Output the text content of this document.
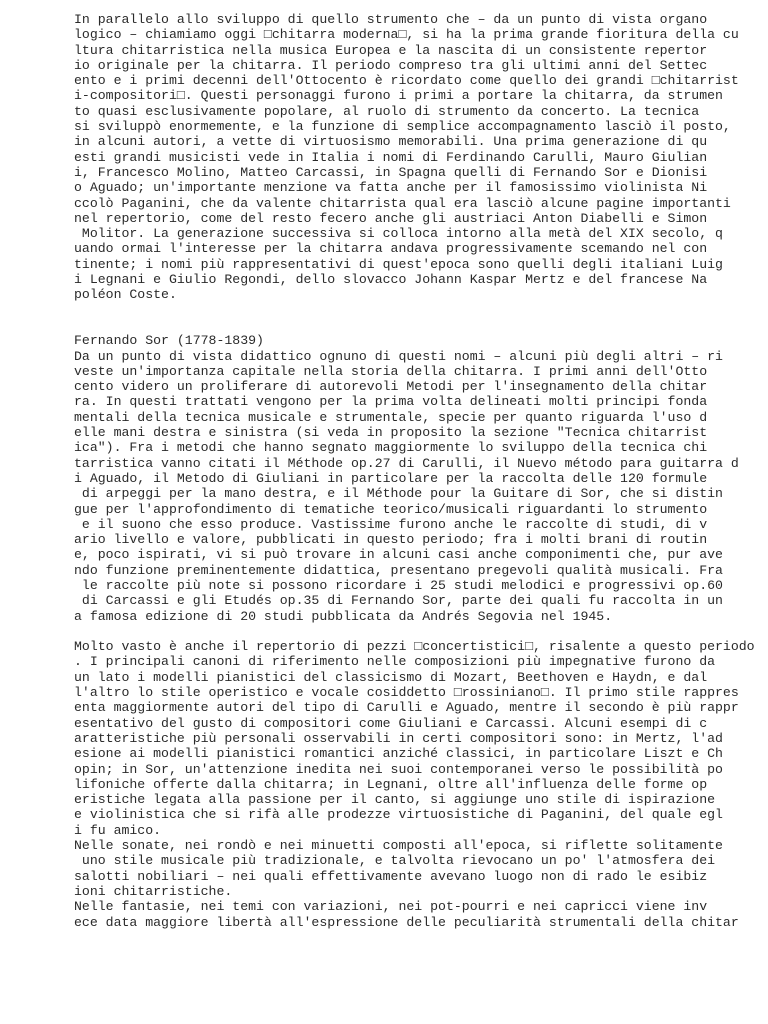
In parallelo allo sviluppo di quello strumento che – da un punto di vista organo
logico – chiamiamo oggi □chitarra moderna□, si ha la prima grande fioritura della cu
ltura chitarristica nella musica Europea e la nascita di un consistente repertor
io originale per la chitarra. Il periodo compreso tra gli ultimi anni del Settec
ento e i primi decenni dell'Ottocento è ricordato come quello dei grandi □chitarrist
i-compositori□. Questi personaggi furono i primi a portare la chitarra, da strumen
to quasi esclusivamente popolare, al ruolo di strumento da concerto. La tecnica
si sviluppò enormemente, e la funzione di semplice accompagnamento lasciò il posto,
in alcuni autori, a vette di virtuosismo memorabili. Una prima generazione di qu
esti grandi musicisti vede in Italia i nomi di Ferdinando Carulli, Mauro Giulian
i, Francesco Molino, Matteo Carcassi, in Spagna quelli di Fernando Sor e Dionisi
o Aguado; un'importante menzione va fatta anche per il famosissimo violinista Ni
ccolò Paganini, che da valente chitarrista qual era lasciò alcune pagine importanti
nel repertorio, come del resto fecero anche gli austriaci Anton Diabelli e Simon
Molitor. La generazione successiva si colloca intorno alla metà del XIX secolo, q
uando ormai l'interesse per la chitarra andava progressivamente scemando nel con
tinente; i nomi più rappresentativi di quest'epoca sono quelli degli italiani Luig
i Legnani e Giulio Regondi, dello slovacco Johann Kaspar Mertz e del francese Na
poléon Coste.
Fernando Sor (1778-1839)
Da un punto di vista didattico ognuno di questi nomi – alcuni più degli altri – ri
veste un'importanza capitale nella storia della chitarra. I primi anni dell'Otto
cento videro un proliferare di autorevoli Metodi per l'insegnamento della chitar
ra. In questi trattati vengono per la prima volta delineati molti principi fonda
mentali della tecnica musicale e strumentale, specie per quanto riguarda l'uso d
elle mani destra e sinistra (si veda in proposito la sezione "Tecnica chitarrist
ica"). Fra i metodi che hanno segnato maggiormente lo sviluppo della tecnica chi
tarristica vanno citati il Méthode op.27 di Carulli, il Nuevo método para guitarra d
i Aguado, il Metodo di Giuliani in particolare per la raccolta delle 120 formule
di arpeggi per la mano destra, e il Méthode pour la Guitare di Sor, che si distin
gue per l'approfondimento di tematiche teorico/musicali riguardanti lo strumento
e il suono che esso produce. Vastissime furono anche le raccolte di studi, di v
ario livello e valore, pubblicati in questo periodo; fra i molti brani di routin
e, poco ispirati, vi si può trovare in alcuni casi anche componimenti che, pur ave
ndo funzione preminentemente didattica, presentano pregevoli qualità musicali. Fra
le raccolte più note si possono ricordare i 25 studi melodici e progressivi op.60
di Carcassi e gli Etudés op.35 di Fernando Sor, parte dei quali fu raccolta in un
a famosa edizione di 20 studi pubblicata da Andrés Segovia nel 1945.
Molto vasto è anche il repertorio di pezzi □concertistici□, risalente a questo periodo
. I principali canoni di riferimento nelle composizioni più impegnative furono da
un lato i modelli pianistici del classicismo di Mozart, Beethoven e Haydn, e dal
l'altro lo stile operistico e vocale cosiddetto □rossiniano□. Il primo stile rappres
enta maggiormente autori del tipo di Carulli e Aguado, mentre il secondo è più rappr
esentativo del gusto di compositori come Giuliani e Carcassi. Alcuni esempi di c
aratteristiche più personali osservabili in certi compositori sono: in Mertz, l'ad
esione ai modelli pianistici romantici anziché classici, in particolare Liszt e Ch
opin; in Sor, un'attenzione inedita nei suoi contemporanei verso le possibilità po
lifoniche offerte dalla chitarra; in Legnani, oltre all'influenza delle forme op
eristiche legata alla passione per il canto, si aggiunge uno stile di ispirazione
e violinistica che si rifà alle prodezze virtuosistiche di Paganini, del quale egl
i fu amico.
Nelle sonate, nei rondò e nei minuetti composti all'epoca, si riflette solitamente
uno stile musicale più tradizionale, e talvolta rievocano un po' l'atmosfera dei
salotti nobiliari – nei quali effettivamente avevano luogo non di rado le esibiz
ioni chitarristiche.
Nelle fantasie, nei temi con variazioni, nei pot-pourri e nei capricci viene inv
ece data maggiore libertà all'espressione delle peculiarità strumentali della chitar
